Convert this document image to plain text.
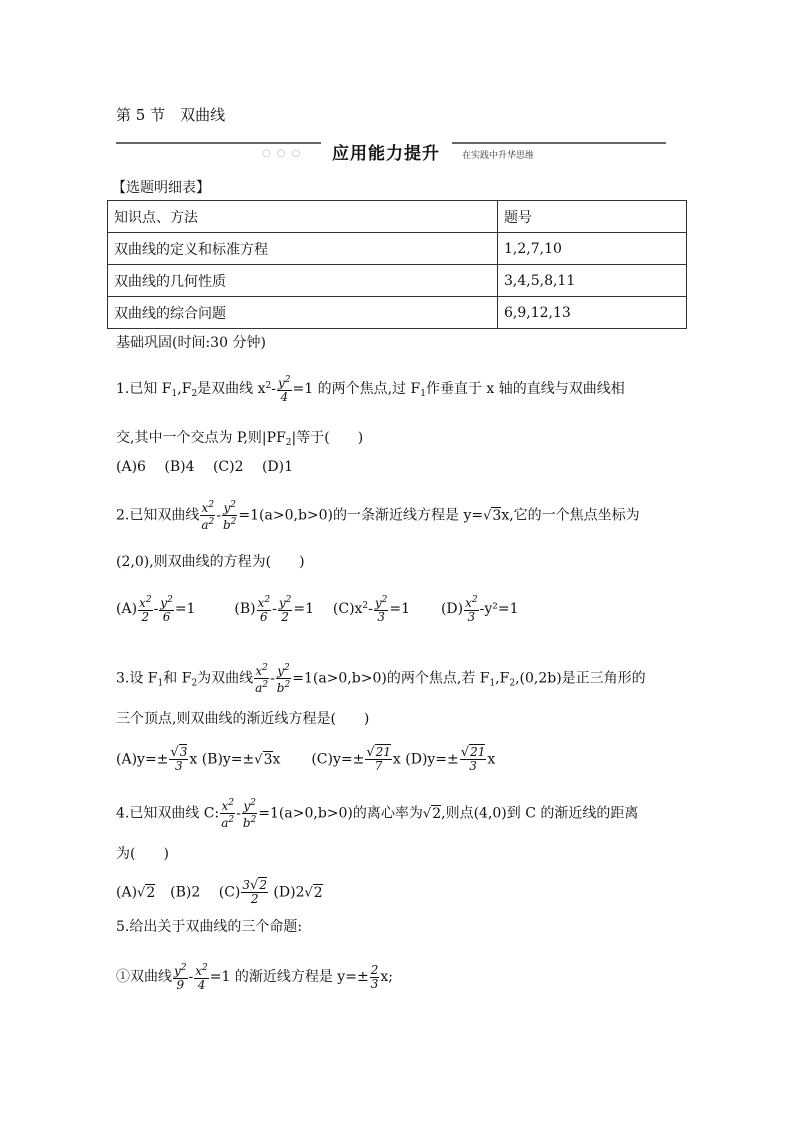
第 5 节　双曲线
○○○ 应用能力提升 在实践中升华思维
【选题明细表】
知识点、方法	题号
双曲线的定义和标准方程	1,2,7,10
双曲线的几何性质	3,4,5,8,11
双曲线的综合问题	6,9,12,13
基础巩固(时间:30 分钟)
1.已知 $F_1,F_2$是双曲线 $x^2- \frac{y^2}{4} =1$ 的两个焦点,过 $F_1$作垂直于 x 轴的直线与双曲线相
交,其中一个交点为 P,则$|PF_2|$等于(　　)
(A)6　 (B)4　 (C)2　 (D)1
2.已知双曲线 $\frac{x^2}{a^2} - \frac{y^2}{b^2} =1(a>0,b>0)$的一条渐近线方程是 y=√3x,它的一个焦点坐标为
(2,0),则双曲线的方程为(　　)
$(A) \frac{x^2}{2} - \frac{y^2}{6} =1$	$(B) \frac{x^2}{6} - \frac{y^2}{2} =1$ $(C)x^2- \frac{y^2}{3} =1$ $(D) \frac{x^2}{3} -y^2=1$
3.设 $F_1$和 $F_2$为双曲线 $\frac{x^2}{a^2} - \frac{y^2}{b^2} =1(a>0,b>0)$的两个焦点,若 $F_1,F_2,(0,2b)$是正三角形的
三个顶点,则双曲线的渐近线方程是(　　)
$(A)y=\pm \frac{√3}{3}$ x (B)y=±√3x $(C)y=\pm \frac{√21}{7}$ x $(D)y=\pm \frac{√21}{3}$ x
4.已知双曲线 C: $\frac{x^2}{a^2} - \frac{y^2}{b^2} =1(a>0,b>0)$的离心率为√2,则点(4,0)到 C 的渐近线的距离
为(　　)
(A)√2 (B)2　 $(C) \frac{3√2}{2} (D)2√2$
5.给出关于双曲线的三个命题:
①双曲线 $\frac{y^2}{9} - \frac{x^2}{4} =1$ 的渐近线方程是 $y=\pm \frac{2}{3} x$;
